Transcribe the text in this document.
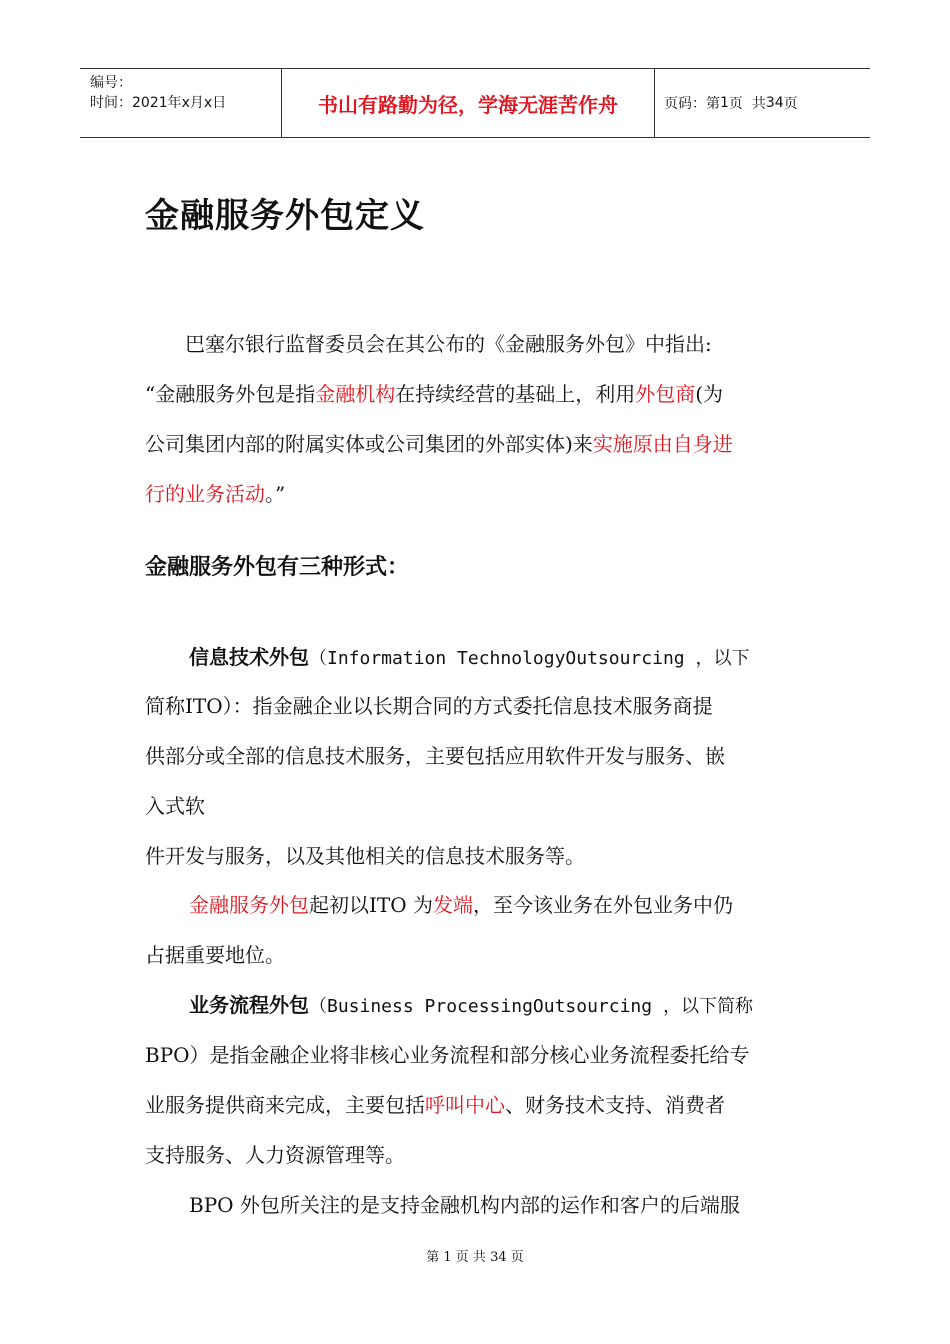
编号：
时间：2021年x月x日	书山有路勤为径，学海无涯苦作舟	页码：第 1 页  共 34 页
金融服务外包定义
　　巴塞尔银行监督委员会在其公布的《金融服务外包》中指出:
“金融服务外包是指金融机构在持续经营的基础上，利用外包商(为
公司集团内部的附属实体或公司集团的外部实体)来实施原由自身进
行的业务活动。”
金融服务外包有三种形式：
信息技术外包（Information TechnologyOutsourcing ，以下
简称ITO）：指金融企业以长期合同的方式委托信息技术服务商提
供部分或全部的信息技术服务，主要包括应用软件开发与服务、嵌
入式软
件开发与服务，以及其他相关的信息技术服务等。
金融服务外包起初以ITO 为发端，至今该业务在外包业务中仍
占据重要地位。
业务流程外包（Business ProcessingOutsourcing ，以下简称
BPO）是指金融企业将非核心业务流程和部分核心业务流程委托给专
业服务提供商来完成，主要包括呼叫中心、财务技术支持、消费者
支持服务、人力资源管理等。
BPO 外包所关注的是支持金融机构内部的运作和客户的后端服
第 1 页 共 34 页
